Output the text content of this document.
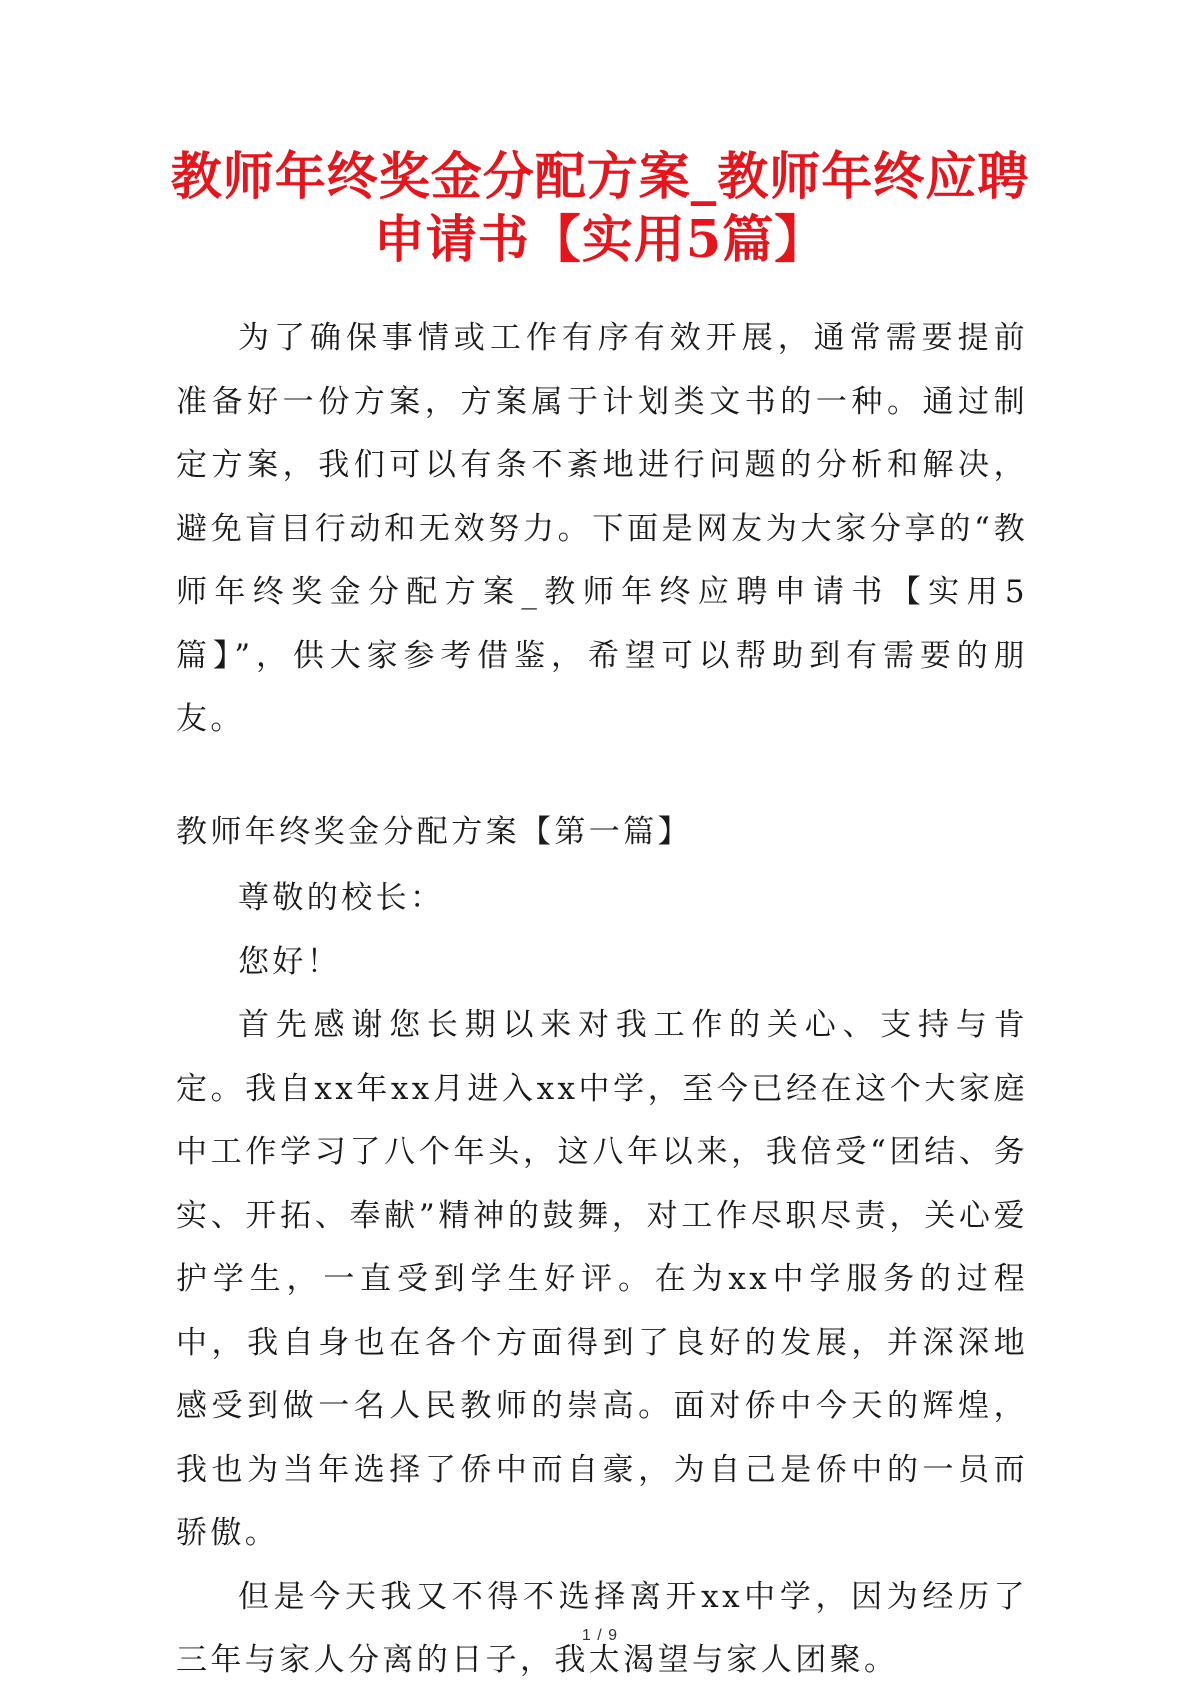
教师年终奖金分配方案_教师年终应聘申请书【实用5篇】

为了确保事情或工作有序有效开展，通常需要提前准备好一份方案，方案属于计划类文书的一种。通过制定方案，我们可以有条不紊地进行问题的分析和解决，避免盲目行动和无效努力。下面是网友为大家分享的“教师年终奖金分配方案_教师年终应聘申请书【实用5篇】”，供大家参考借鉴，希望可以帮助到有需要的朋友。

教师年终奖金分配方案【第一篇】

尊敬的校长：

您好！

首先感谢您长期以来对我工作的关心、支持与肯定。我自xx年xx月进入xx中学，至今已经在这个大家庭中工作学习了八个年头，这八年以来，我倍受“团结、务实、开拓、奉献”精神的鼓舞，对工作尽职尽责，关心爱护学生，一直受到学生好评。在为xx中学服务的过程中，我自身也在各个方面得到了良好的发展，并深深地感受到做一名人民教师的崇高。面对侨中今天的辉煌，我也为当年选择了侨中而自豪，为自己是侨中的一员而骄傲。

但是今天我又不得不选择离开xx中学，因为经历了三年与家人分离的日子，我太渴望与家人团聚。

1 / 9
